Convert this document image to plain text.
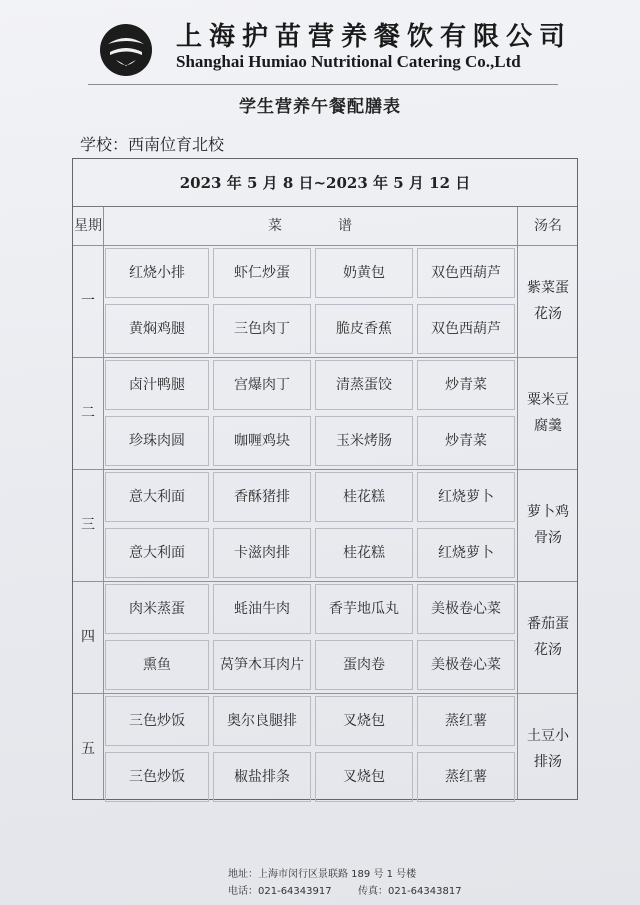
上海护苗营养餐饮有限公司
Shanghai Humiao Nutritional Catering Co.,Ltd
学生营养午餐配膳表
学校：西南位育北校
2023 年 5 月 8 日~2023 年 5 月 12 日
星期	菜　　　　谱	汤名
一
紫菜蛋花汤
红烧小排	虾仁炒蛋	奶黄包	双色西葫芦
黄焖鸡腿	三色肉丁	脆皮香蕉	双色西葫芦
二
粟米豆腐羹
卤汁鸭腿	宫爆肉丁	清蒸蛋饺	炒青菜
珍珠肉圆	咖喱鸡块	玉米烤肠	炒青菜
三
萝卜鸡骨汤
意大利面	香酥猪排	桂花糕	红烧萝卜
意大利面	卡滋肉排	桂花糕	红烧萝卜
四
番茄蛋花汤
肉米蒸蛋	蚝油牛肉	香芋地瓜丸	美极卷心菜
熏鱼	莴笋木耳肉片	蛋肉卷	美极卷心菜
五
土豆小排汤
三色炒饭	奥尔良腿排	叉烧包	蒸红薯
三色炒饭	椒盐排条	叉烧包	蒸红薯
地址：上海市闵行区景联路 189 号 1 号楼
电话：021-64343917	传真：021-64343817
